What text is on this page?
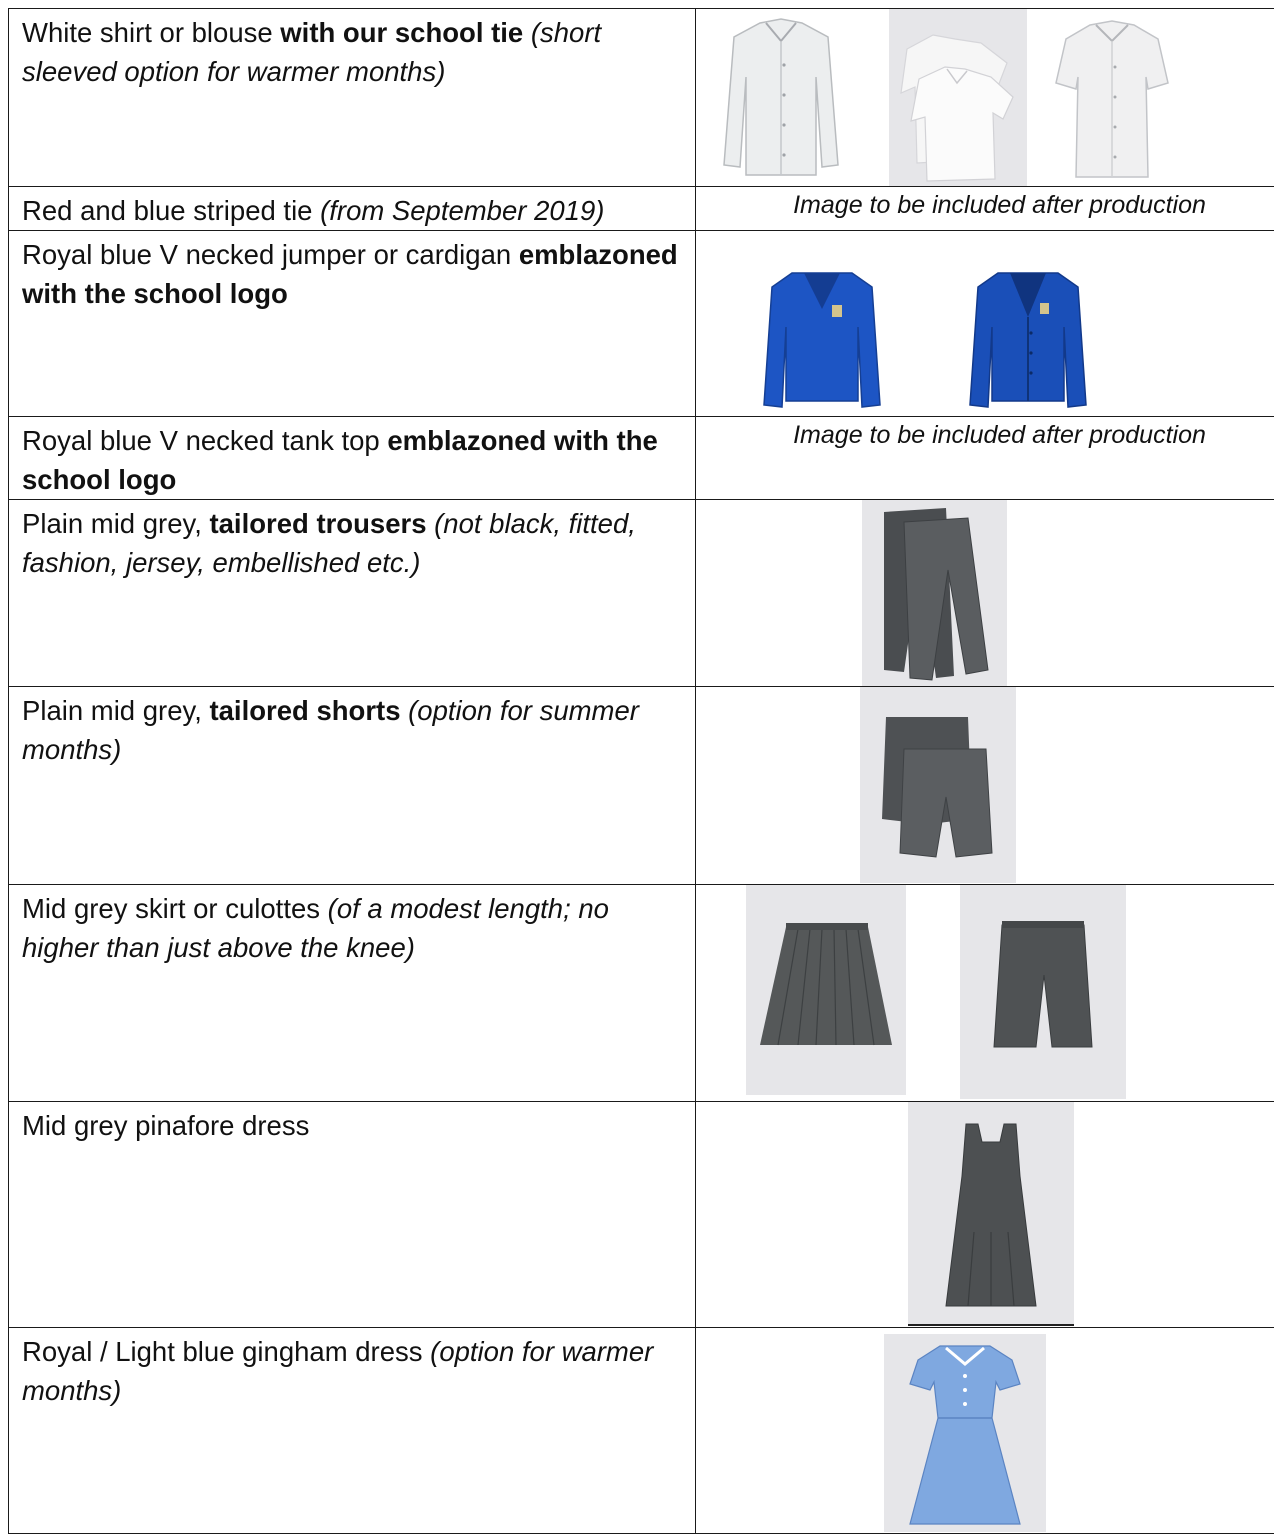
White shirt or blouse with our school tie (short sleeved option for warmer months)	

Red and blue striped tie (from September 2019)	Image to be included after production

Royal blue V necked jumper or cardigan emblazoned with the school logo	

Royal blue V necked tank top emblazoned with the school logo	Image to be included after production

Plain mid grey, tailored trousers (not black, fitted, fashion, jersey, embellished etc.)	

Plain mid grey, tailored shorts (option for summer months)	

Mid grey skirt or culottes (of a modest length; no higher than just above the knee)	

Mid grey pinafore dress	

Royal / Light blue gingham dress (option for warmer months)	
